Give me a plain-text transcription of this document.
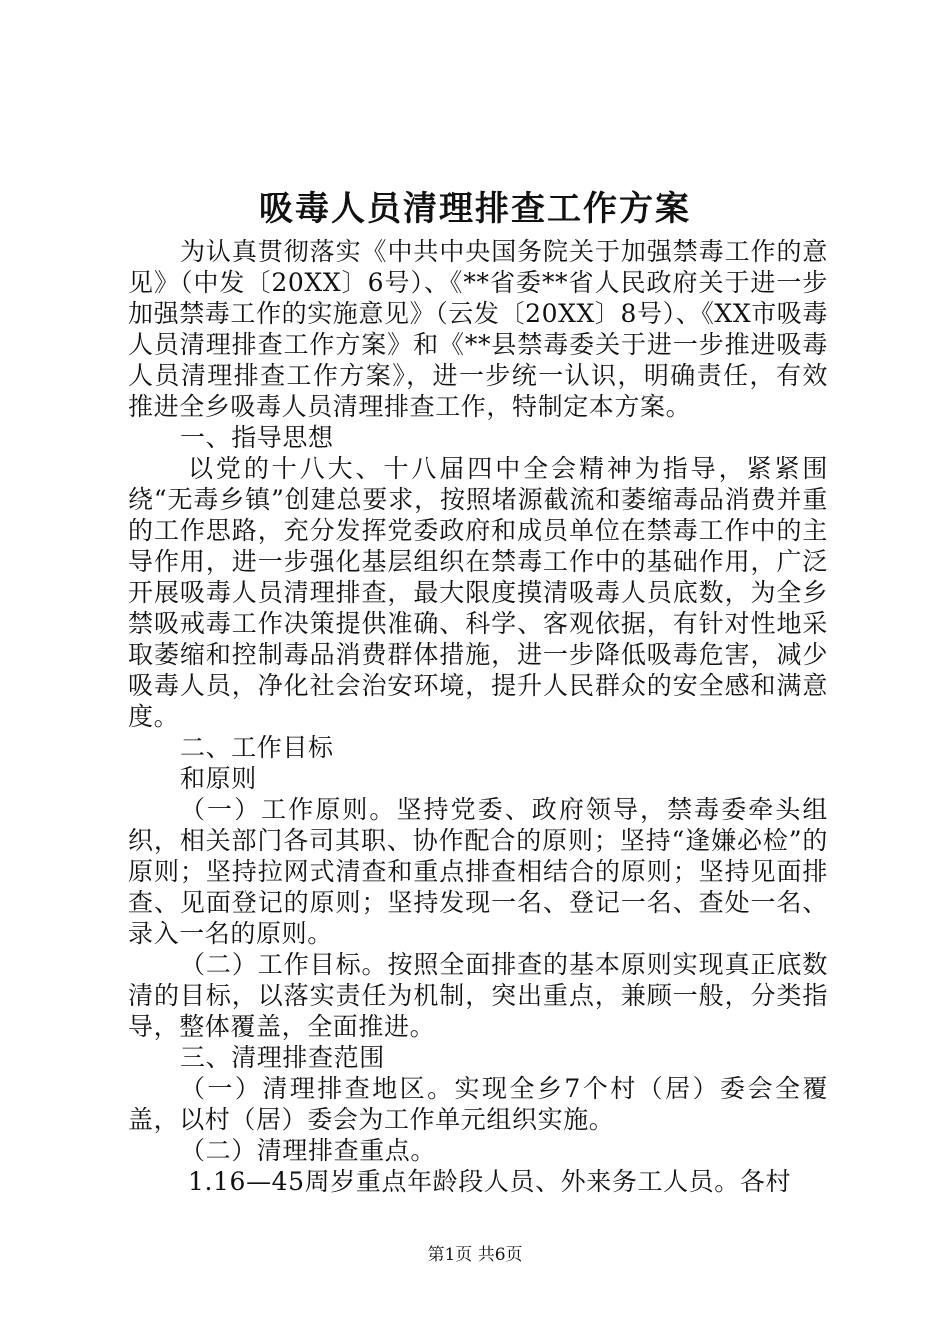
吸毒人员清理排查工作方案

为认真贯彻落实《中共中央国务院关于加强禁毒工作的意见》（中发〔20XX〕6号）、《**省委**省人民政府关于进一步加强禁毒工作的实施意见》（云发〔20XX〕8号）、《XX市吸毒人员清理排查工作方案》和《**县禁毒委关于进一步推进吸毒人员清理排查工作方案》，进一步统一认识，明确责任，有效推进全乡吸毒人员清理排查工作，特制定本方案。

一、指导思想

以党的十八大、十八届四中全会精神为指导，紧紧围绕“无毒乡镇”创建总要求，按照堵源截流和萎缩毒品消费并重的工作思路，充分发挥党委政府和成员单位在禁毒工作中的主导作用，进一步强化基层组织在禁毒工作中的基础作用，广泛开展吸毒人员清理排查，最大限度摸清吸毒人员底数，为全乡禁吸戒毒工作决策提供准确、科学、客观依据，有针对性地采取萎缩和控制毒品消费群体措施，进一步降低吸毒危害，减少吸毒人员，净化社会治安环境，提升人民群众的安全感和满意度。

二、工作目标

和原则

（一）工作原则。坚持党委、政府领导，禁毒委牵头组织，相关部门各司其职、协作配合的原则；坚持“逢嫌必检”的原则；坚持拉网式清查和重点排查相结合的原则；坚持见面排查、见面登记的原则；坚持发现一名、登记一名、查处一名、录入一名的原则。

（二）工作目标。按照全面排查的基本原则实现真正底数清的目标，以落实责任为机制，突出重点，兼顾一般，分类指导，整体覆盖，全面推进。

三、清理排查范围

（一）清理排查地区。实现全乡7个村（居）委会全覆盖，以村（居）委会为工作单元组织实施。

（二）清理排查重点。

1.16—45周岁重点年龄段人员、外来务工人员。各村

第1页 共6页
